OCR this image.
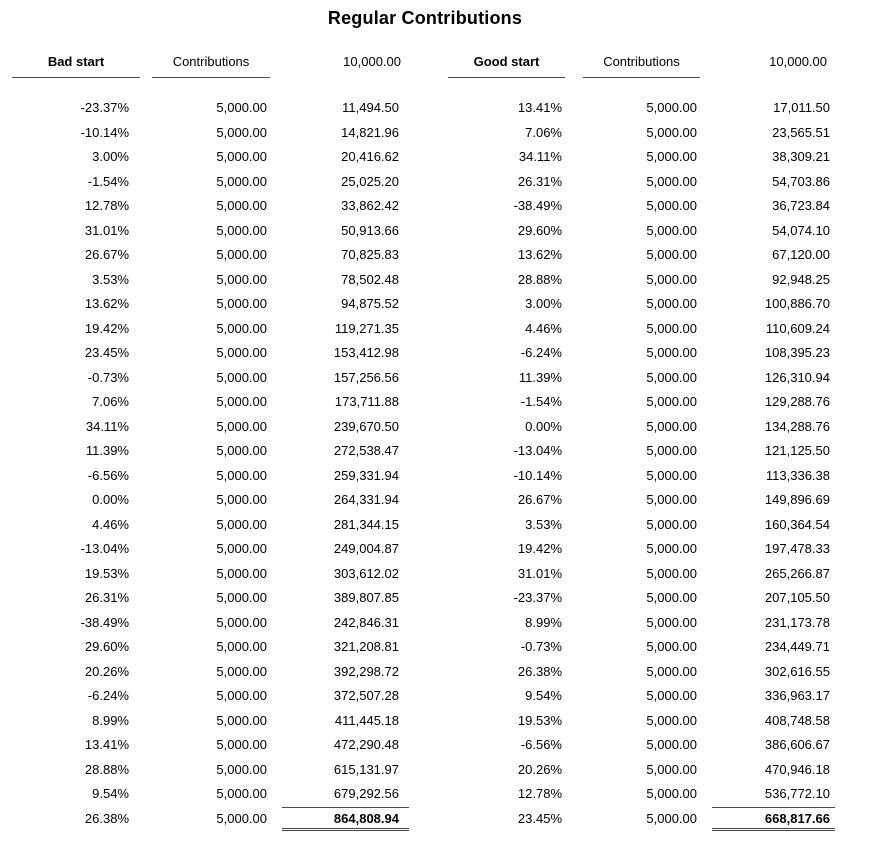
Regular Contributions
Bad start	Contributions	10,000.00
-23.37%	5,000.00	11,494.50
-10.14%	5,000.00	14,821.96
3.00%	5,000.00	20,416.62
-1.54%	5,000.00	25,025.20
12.78%	5,000.00	33,862.42
31.01%	5,000.00	50,913.66
26.67%	5,000.00	70,825.83
3.53%	5,000.00	78,502.48
13.62%	5,000.00	94,875.52
19.42%	5,000.00	119,271.35
23.45%	5,000.00	153,412.98
-0.73%	5,000.00	157,256.56
7.06%	5,000.00	173,711.88
34.11%	5,000.00	239,670.50
11.39%	5,000.00	272,538.47
-6.56%	5,000.00	259,331.94
0.00%	5,000.00	264,331.94
4.46%	5,000.00	281,344.15
-13.04%	5,000.00	249,004.87
19.53%	5,000.00	303,612.02
26.31%	5,000.00	389,807.85
-38.49%	5,000.00	242,846.31
29.60%	5,000.00	321,208.81
20.26%	5,000.00	392,298.72
-6.24%	5,000.00	372,507.28
8.99%	5,000.00	411,445.18
13.41%	5,000.00	472,290.48
28.88%	5,000.00	615,131.97
9.54%	5,000.00	679,292.56
26.38%	5,000.00	864,808.94
Good start	Contributions	10,000.00
13.41%	5,000.00	17,011.50
7.06%	5,000.00	23,565.51
34.11%	5,000.00	38,309.21
26.31%	5,000.00	54,703.86
-38.49%	5,000.00	36,723.84
29.60%	5,000.00	54,074.10
13.62%	5,000.00	67,120.00
28.88%	5,000.00	92,948.25
3.00%	5,000.00	100,886.70
4.46%	5,000.00	110,609.24
-6.24%	5,000.00	108,395.23
11.39%	5,000.00	126,310.94
-1.54%	5,000.00	129,288.76
0.00%	5,000.00	134,288.76
-13.04%	5,000.00	121,125.50
-10.14%	5,000.00	113,336.38
26.67%	5,000.00	149,896.69
3.53%	5,000.00	160,364.54
19.42%	5,000.00	197,478.33
31.01%	5,000.00	265,266.87
-23.37%	5,000.00	207,105.50
8.99%	5,000.00	231,173.78
-0.73%	5,000.00	234,449.71
26.38%	5,000.00	302,616.55
9.54%	5,000.00	336,963.17
19.53%	5,000.00	408,748.58
-6.56%	5,000.00	386,606.67
20.26%	5,000.00	470,946.18
12.78%	5,000.00	536,772.10
23.45%	5,000.00	668,817.66
